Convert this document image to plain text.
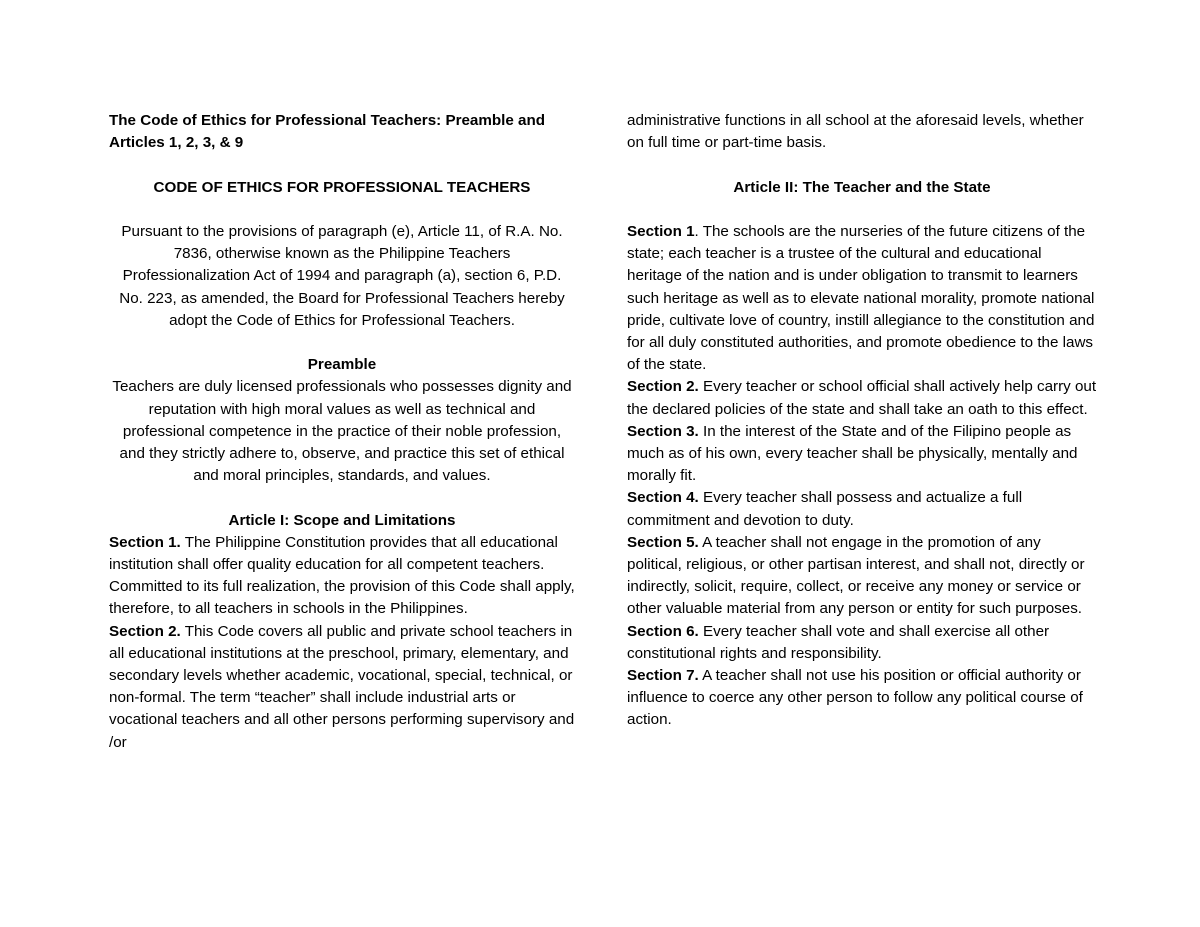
The Code of Ethics for Professional Teachers: Preamble and Articles 1, 2, 3, & 9

CODE OF ETHICS FOR PROFESSIONAL TEACHERS

Pursuant to the provisions of paragraph (e), Article 11, of R.A. No. 7836, otherwise known as the Philippine Teachers Professionalization Act of 1994 and paragraph (a), section 6, P.D. No. 223, as amended, the Board for Professional Teachers hereby adopt the Code of Ethics for Professional Teachers.

Preamble

Teachers are duly licensed professionals who possesses dignity and reputation with high moral values as well as technical and professional competence in the practice of their noble profession, and they strictly adhere to, observe, and practice this set of ethical and moral principles, standards, and values.

Article I: Scope and Limitations

Section 1. The Philippine Constitution provides that all educational institution shall offer quality education for all competent teachers. Committed to its full realization, the provision of this Code shall apply, therefore, to all teachers in schools in the Philippines.

Section 2. This Code covers all public and private school teachers in all educational institutions at the preschool, primary, elementary, and secondary levels whether academic, vocational, special, technical, or non-formal. The term “teacher” shall include industrial arts or vocational teachers and all other persons performing supervisory and /or

administrative functions in all school at the aforesaid levels, whether on full time or part-time basis.

Article II: The Teacher and the State

Section 1. The schools are the nurseries of the future citizens of the state; each teacher is a trustee of the cultural and educational heritage of the nation and is under obligation to transmit to learners such heritage as well as to elevate national morality, promote national pride, cultivate love of country, instill allegiance to the constitution and for all duly constituted authorities, and promote obedience to the laws of the state.

Section 2. Every teacher or school official shall actively help carry out the declared policies of the state and shall take an oath to this effect.

Section 3. In the interest of the State and of the Filipino people as much as of his own, every teacher shall be physically, mentally and morally fit.

Section 4. Every teacher shall possess and actualize a full commitment and devotion to duty.

Section 5. A teacher shall not engage in the promotion of any political, religious, or other partisan interest, and shall not, directly or indirectly, solicit, require, collect, or receive any money or service or other valuable material from any person or entity for such purposes.

Section 6. Every teacher shall vote and shall exercise all other constitutional rights and responsibility.

Section 7. A teacher shall not use his position or official authority or influence to coerce any other person to follow any political course of action.
